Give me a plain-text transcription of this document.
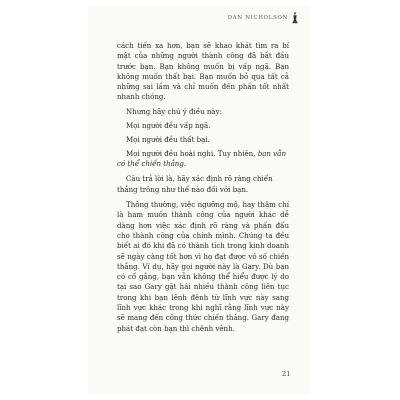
DAN NICHOLSON

cách tiến xa hơn, bạn sẽ khao khát tìm ra bí mật của những người thành công đã bắt đầu trước bạn. Bạn không muốn bị vấp ngã. Bạn không muốn thất bại. Bạn muốn bỏ qua tất cả những sai lầm và chỉ muốn đến phần tốt nhất nhanh chóng.

Nhưng hãy chú ý điều này:

Mọi người đều vấp ngã.

Mọi người đều thất bại.

Mọi người đều hoài nghi. Tuy nhiên, bạn vẫn có thể chiến thắng.

Câu trả lời là, hãy xác định rõ ràng chiến thắng trông như thế nào đối với bạn.

Thông thường, việc ngưỡng mộ, hay thậm chí là ham muốn thành công của người khác dễ dàng hơn việc xác định rõ ràng và phấn đấu cho thành công của chính mình. Chúng ta đều biết ai đó khi đã có thành tích trong kinh doanh sẽ ngày càng tốt hơn vì họ đạt được vô số chiến thắng. Ví dụ, hãy gọi người này là Gary. Dù bạn có cố gắng, bạn vẫn không thể hiểu được lý do tại sao Gary gặt hái nhiều thành công liên tục trong khi bạn lênh đênh từ lĩnh vực này sang lĩnh vực khác trong khi nghĩ rằng lĩnh vực này sẽ mang đến công thức chiến thắng. Gary đang phát đạt còn bạn thì chênh vênh.

21
